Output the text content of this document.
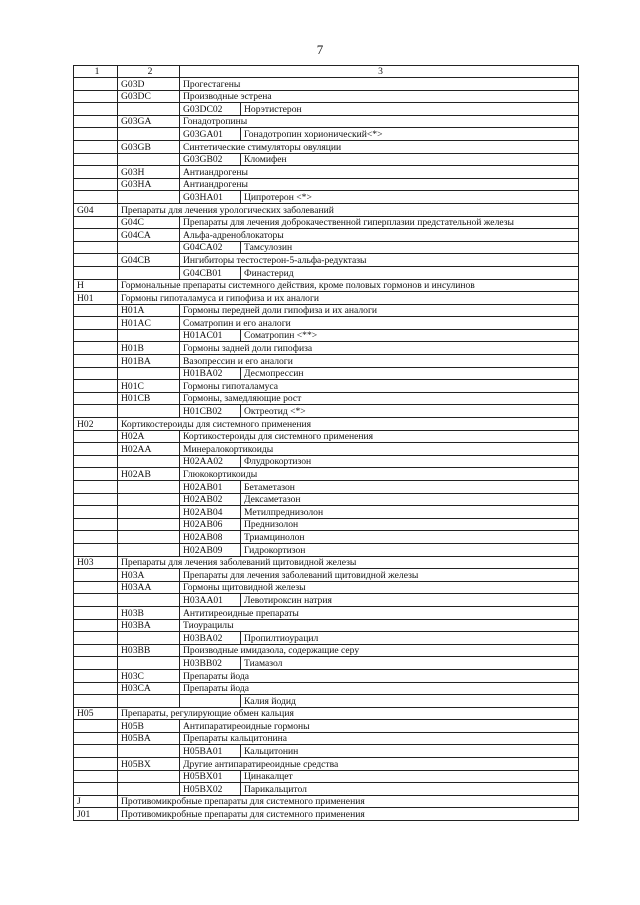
7
1	2	3	
	G03D	Прогестагены	
	G03DC	Производные эстрена	
		G03DC02	Норэтистерон
	G03GA	Гонадотропины	
		G03GA01	Гонадотропин хорионический<*>
	G03GB	Синтетические стимуляторы овуляции	
		G03GB02	Кломифен
	G03H	Антиандрогены	
	G03HA	Антиандрогены	
		G03HA01	Ципротерон <*>
G04	Препараты для лечения урологических заболеваний		
	G04C	Препараты для лечения доброкачественной гиперплазии предстательной железы	
	G04CA	Альфа-адреноблокаторы	
		G04CA02	Тамсулозин
	G04CB	Ингибиторы тестостерон-5-альфа-редуктазы	
		G04CB01	Финастерид
H	Гормональные препараты системного действия, кроме половых гормонов и инсулинов		
H01	Гормоны гипоталамуса и гипофиза и их аналоги		
	H01A	Гормоны передней доли гипофиза и их аналоги	
	H01AC	Соматропин и его аналоги	
		H01AC01	Соматропин <**>
	H01B	Гормоны задней доли гипофиза	
	H01BA	Вазопрессин и его аналоги	
		H01BA02	Десмопрессин
	H01C	Гормоны гипоталамуса	
	H01CB	Гормоны, замедляющие рост	
		H01CB02	Октреотид <*>
H02	Кортикостероиды для системного применения		
	H02A	Кортикостероиды для системного применения	
	H02AA	Минералокортикоиды	
		H02AA02	Флудрокортизон
	H02AB	Глюкокортикоиды	
		H02AB01	Бетаметазон
		H02AB02	Дексаметазон
		H02AB04	Метилпреднизолон
		H02AB06	Преднизолон
		H02AB08	Триамцинолон
		H02AB09	Гидрокортизон
H03	Препараты для лечения заболеваний щитовидной железы		
	H03A	Препараты для лечения заболеваний щитовидной железы	
	H03AA	Гормоны щитовидной железы	
		H03AA01	Левотироксин натрия
	H03B	Антитиреоидные препараты	
	H03BA	Тиоурацилы	
		H03BA02	Пропилтиоурацил
	H03BB	Производные имидазола, содержащие серу	
		H03BB02	Тиамазол
	H03C	Препараты йода	
	H03CA	Препараты йода	
			Калия йодид
H05	Препараты, регулирующие обмен кальция		
	H05B	Антипаратиреоидные гормоны	
	H05BA	Препараты кальцитонина	
		H05BA01	Кальцитонин
	H05BX	Другие антипаратиреоидные средства	
		H05BX01	Цинакалцет
		H05BX02	Парикальцитол
J	Противомикробные препараты для системного применения		
J01	Противомикробные препараты для системного применения		
